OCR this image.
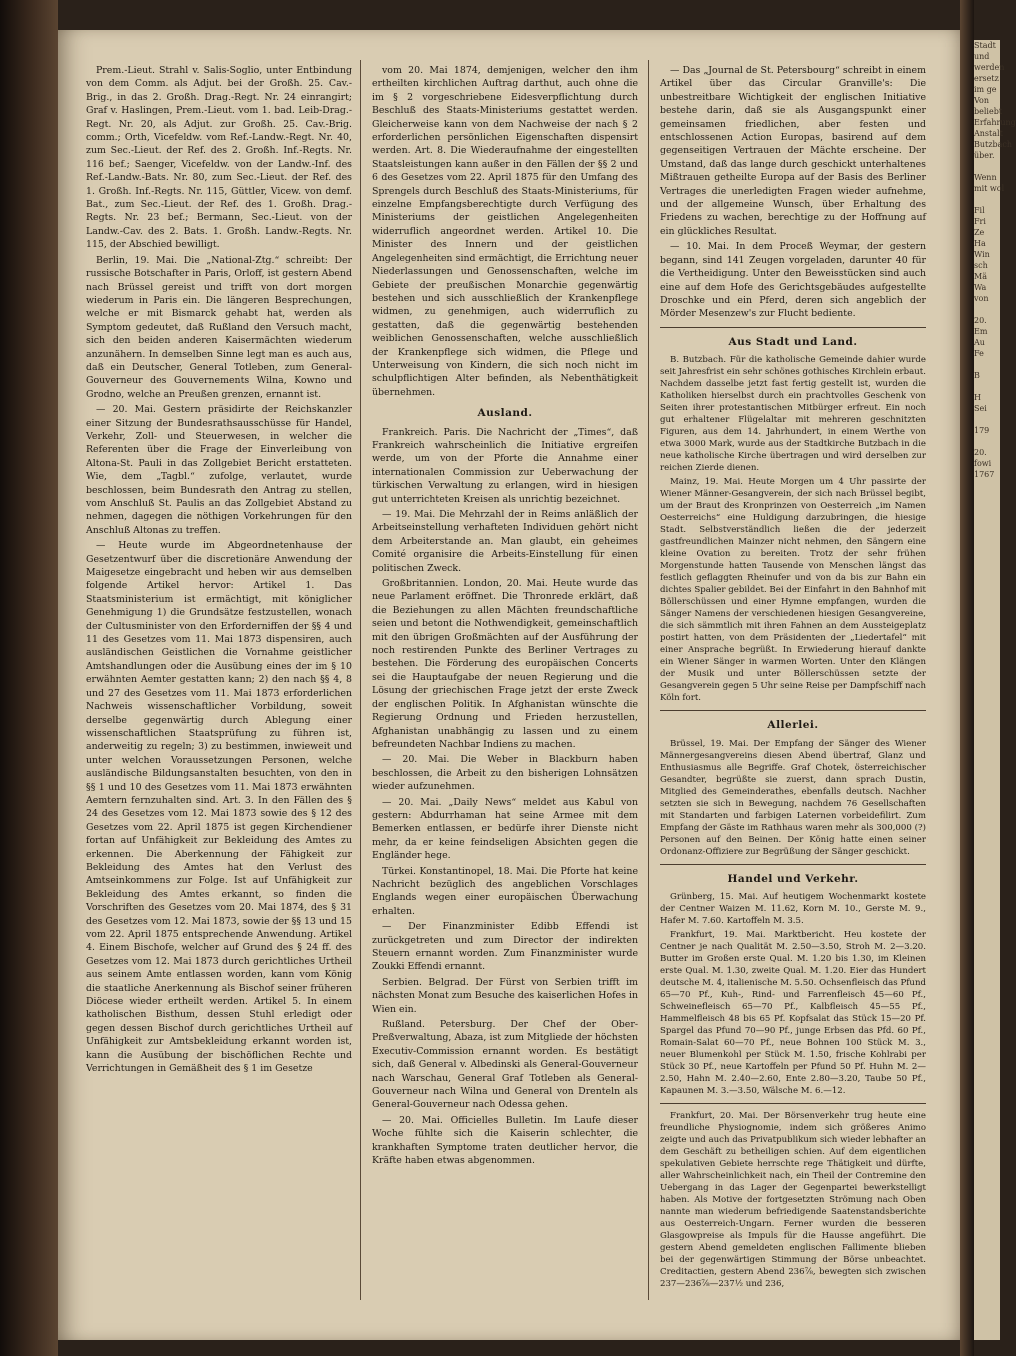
Prem.-Lieut. Strahl v. Salis-Soglio, unter Entbindung von dem Comm. als Adjut. bei der Großh. 25. Cav.-Brig., in das 2. Großh. Drag.-Regt. Nr. 24 einrangirt; Graf v. Haslingen, Prem.-Lieut. vom 1. bad. Leib-Drag.-Regt. Nr. 20, als Adjut. zur Großh. 25. Cav.-Brig. comm.; Orth, Vicefeldw. vom Ref.-Landw.-Regt. Nr. 40, zum Sec.-Lieut. der Ref. des 2. Großh. Inf.-Regts. Nr. 116 bef.; Saenger, Vicefeldw. von der Landw.-Inf. des Ref.-Landw.-Bats. Nr. 80, zum Sec.-Lieut. der Ref. des 1. Großh. Inf.-Regts. Nr. 115, Güttler, Vicew. von demf. Bat., zum Sec.-Lieut. der Ref. des 1. Großh. Drag.-Regts. Nr. 23 bef.; Bermann, Sec.-Lieut. von der Landw.-Cav. des 2. Bats. 1. Großh. Landw.-Regts. Nr. 115, der Abschied bewilligt.

Berlin, 19. Mai. Die „National-Ztg.“ schreibt: Der russische Botschafter in Paris, Orloff, ist gestern Abend nach Brüssel gereist und trifft von dort morgen wiederum in Paris ein. Die längeren Besprechungen, welche er mit Bismarck gehabt hat, werden als Symptom gedeutet, daß Rußland den Versuch macht, sich den beiden anderen Kaisermächten wiederum anzunähern. In demselben Sinne legt man es auch aus, daß ein Deutscher, General Totleben, zum General-Gouverneur des Gouvernements Wilna, Kowno und Grodno, welche an Preußen grenzen, ernannt ist.

— 20. Mai. Gestern präsidirte der Reichskanzler einer Sitzung der Bundesrathsausschüsse für Handel, Verkehr, Zoll- und Steuerwesen, in welcher die Referenten über die Frage der Einverleibung von Altona-St. Pauli in das Zollgebiet Bericht erstatteten. Wie, dem „Tagbl.“ zufolge, verlautet, wurde beschlossen, beim Bundesrath den Antrag zu stellen, vom Anschluß St. Paulis an das Zollgebiet Abstand zu nehmen, dagegen die nöthigen Vorkehrungen für den Anschluß Altonas zu treffen.

— Heute wurde im Abgeordnetenhause der Gesetzentwurf über die discretionäre Anwendung der Maigesetze eingebracht und heben wir aus demselben folgende Artikel hervor: Artikel 1. Das Staatsministerium ist ermächtigt, mit königlicher Genehmigung 1) die Grundsätze festzustellen, wonach der Cultusminister von den Erforderniffen der §§ 4 und 11 des Gesetzes vom 11. Mai 1873 dispensiren, auch ausländischen Geistlichen die Vornahme geistlicher Amtshandlungen oder die Ausübung eines der im § 10 erwähnten Aemter gestatten kann; 2) den nach §§ 4, 8 und 27 des Gesetzes vom 11. Mai 1873 erforderlichen Nachweis wissenschaftlicher Vorbildung, soweit derselbe gegenwärtig durch Ablegung einer wissenschaftlichen Staatsprüfung zu führen ist, anderweitig zu regeln; 3) zu bestimmen, inwieweit und unter welchen Voraussetzungen Personen, welche ausländische Bildungsanstalten besuchten, von den in §§ 1 und 10 des Gesetzes vom 11. Mai 1873 erwähnten Aemtern fernzuhalten sind. Art. 3. In den Fällen des § 24 des Gesetzes vom 12. Mai 1873 sowie des § 12 des Gesetzes vom 22. April 1875 ist gegen Kirchendiener fortan auf Unfähigkeit zur Bekleidung des Amtes zu erkennen. Die Aberkennung der Fähigkeit zur Bekleidung des Amtes hat den Verlust des Amtseinkommens zur Folge. Ist auf Unfähigkeit zur Bekleidung des Amtes erkannt, so finden die Vorschriften des Gesetzes vom 20. Mai 1874, des § 31 des Gesetzes vom 12. Mai 1873, sowie der §§ 13 und 15 vom 22. April 1875 entsprechende Anwendung. Artikel 4. Einem Bischofe, welcher auf Grund des § 24 ff. des Gesetzes vom 12. Mai 1873 durch gerichtliches Urtheil aus seinem Amte entlassen worden, kann vom König die staatliche Anerkennung als Bischof seiner früheren Diöcese wieder ertheilt werden. Artikel 5. In einem katholischen Bisthum, dessen Stuhl erledigt oder gegen dessen Bischof durch gerichtliches Urtheil auf Unfähigkeit zur Amtsbekleidung erkannt worden ist, kann die Ausübung der bischöflichen Rechte und Verrichtungen in Gemäßheit des § 1 im Gesetze

vom 20. Mai 1874, demjenigen, welcher den ihm ertheilten kirchlichen Auftrag darthut, auch ohne die im § 2 vorgeschriebene Eidesverpflichtung durch Beschluß des Staats-Ministeriums gestattet werden. Gleicherweise kann von dem Nachweise der nach § 2 erforderlichen persönlichen Eigenschaften dispensirt werden. Art. 8. Die Wiederaufnahme der eingestellten Staatsleistungen kann außer in den Fällen der §§ 2 und 6 des Gesetzes vom 22. April 1875 für den Umfang des Sprengels durch Beschluß des Staats-Ministeriums, für einzelne Empfangsberechtigte durch Verfügung des Ministeriums der geistlichen Angelegenheiten widerruflich angeordnet werden. Artikel 10. Die Minister des Innern und der geistlichen Angelegenheiten sind ermächtigt, die Errichtung neuer Niederlassungen und Genossenschaften, welche im Gebiete der preußischen Monarchie gegenwärtig bestehen und sich ausschließlich der Krankenpflege widmen, zu genehmigen, auch widerruflich zu gestatten, daß die gegenwärtig bestehenden weiblichen Genossenschaften, welche ausschließlich der Krankenpflege sich widmen, die Pflege und Unterweisung von Kindern, die sich noch nicht im schulpflichtigen Alter befinden, als Nebenthätigkeit übernehmen.

Ausland.

Frankreich. Paris. Die Nachricht der „Times“, daß Frankreich wahrscheinlich die Initiative ergreifen werde, um von der Pforte die Annahme einer internationalen Commission zur Ueberwachung der türkischen Verwaltung zu erlangen, wird in hiesigen gut unterrichteten Kreisen als unrichtig bezeichnet.

— 19. Mai. Die Mehrzahl der in Reims anläßlich der Arbeitseinstellung verhafteten Individuen gehört nicht dem Arbeiterstande an. Man glaubt, ein geheimes Comité organisire die Arbeits-Einstellung für einen politischen Zweck.

Großbritannien. London, 20. Mai. Heute wurde das neue Parlament eröffnet. Die Thronrede erklärt, daß die Beziehungen zu allen Mächten freundschaftliche seien und betont die Nothwendigkeit, gemeinschaftlich mit den übrigen Großmächten auf der Ausführung der noch restirenden Punkte des Berliner Vertrages zu bestehen. Die Förderung des europäischen Concerts sei die Hauptaufgabe der neuen Regierung und die Lösung der griechischen Frage jetzt der erste Zweck der englischen Politik. In Afghanistan wünschte die Regierung Ordnung und Frieden herzustellen, Afghanistan unabhängig zu lassen und zu einem befreundeten Nachbar Indiens zu machen.

— 20. Mai. Die Weber in Blackburn haben beschlossen, die Arbeit zu den bisherigen Lohnsätzen wieder aufzunehmen.

— 20. Mai. „Daily News“ meldet aus Kabul von gestern: Abdurrhaman hat seine Armee mit dem Bemerken entlassen, er bedürfe ihrer Dienste nicht mehr, da er keine feindseligen Absichten gegen die Engländer hege.

Türkei. Konstantinopel, 18. Mai. Die Pforte hat keine Nachricht bezüglich des angeblichen Vorschlages Englands wegen einer europäischen Überwachung erhalten.

— Der Finanzminister Edibb Effendi ist zurückgetreten und zum Director der indirekten Steuern ernannt worden. Zum Finanzminister wurde Zoukki Effendi ernannt.

Serbien. Belgrad. Der Fürst von Serbien trifft im nächsten Monat zum Besuche des kaiserlichen Hofes in Wien ein.

Rußland. Petersburg. Der Chef der Ober-Preßverwaltung, Abaza, ist zum Mitgliede der höchsten Executiv-Commission ernannt worden. Es bestätigt sich, daß General v. Albedinski als General-Gouverneur nach Warschau, General Graf Totleben als General-Gouverneur nach Wilna und General von Drenteln als General-Gouverneur nach Odessa gehen.

— 20. Mai. Officielles Bulletin. Im Laufe dieser Woche fühlte sich die Kaiserin schlechter, die krankhaften Symptome traten deutlicher hervor, die Kräfte haben etwas abgenommen.

— Das „Journal de St. Petersbourg“ schreibt in einem Artikel über das Circular Granville's: Die unbestreitbare Wichtigkeit der englischen Initiative bestehe darin, daß sie als Ausgangspunkt einer gemeinsamen friedlichen, aber festen und entschlossenen Action Europas, basirend auf dem gegenseitigen Vertrauen der Mächte erscheine. Der Umstand, daß das lange durch geschickt unterhaltenes Mißtrauen getheilte Europa auf der Basis des Berliner Vertrages die unerledigten Fragen wieder aufnehme, und der allgemeine Wunsch, über Erhaltung des Friedens zu wachen, berechtige zu der Hoffnung auf ein glückliches Resultat.

— 10. Mai. In dem Proceß Weymar, der gestern begann, sind 141 Zeugen vorgeladen, darunter 40 für die Vertheidigung. Unter den Beweisstücken sind auch eine auf dem Hofe des Gerichtsgebäudes aufgestellte Droschke und ein Pferd, deren sich angeblich der Mörder Mesenzew's zur Flucht bediente.

Aus Stadt und Land.

B. Butzbach. Für die katholische Gemeinde dahier wurde seit Jahresfrist ein sehr schönes gothisches Kirchlein erbaut. Nachdem dasselbe jetzt fast fertig gestellt ist, wurden die Katholiken hierselbst durch ein prachtvolles Geschenk von Seiten ihrer protestantischen Mitbürger erfreut. Ein noch gut erhaltener Flügelaltar mit mehreren geschnitzten Figuren, aus dem 14. Jahrhundert, in einem Werthe von etwa 3000 Mark, wurde aus der Stadtkirche Butzbach in die neue katholische Kirche übertragen und wird derselben zur reichen Zierde dienen.

Mainz, 19. Mai. Heute Morgen um 4 Uhr passirte der Wiener Männer-Gesangverein, der sich nach Brüssel begibt, um der Braut des Kronprinzen von Oesterreich „im Namen Oesterreichs“ eine Huldigung darzubringen, die hiesige Stadt. Selbstverständlich ließen die der jederzeit gastfreundlichen Mainzer nicht nehmen, den Sängern eine kleine Ovation zu bereiten. Trotz der sehr frühen Morgenstunde hatten Tausende von Menschen längst das festlich geflaggten Rheinufer und von da bis zur Bahn ein dichtes Spalier gebildet. Bei der Einfahrt in den Bahnhof mit Böllerschüssen und einer Hymne empfangen, wurden die Sänger Namens der verschiedenen hiesigen Gesangvereine, die sich sämmtlich mit ihren Fahnen an dem Aussteigeplatz postirt hatten, von dem Präsidenten der „Liedertafel“ mit einer Ansprache begrüßt. In Erwiederung hierauf dankte ein Wiener Sänger in warmen Worten. Unter den Klängen der Musik und unter Böllerschüssen setzte der Gesangverein gegen 5 Uhr seine Reise per Dampfschiff nach Köln fort.

Allerlei.

Brüssel, 19. Mai. Der Empfang der Sänger des Wiener Männergesangvereins diesen Abend übertraf, Glanz und Enthusiasmus alle Begriffe. Graf Chotek, österreichischer Gesandter, begrüßte sie zuerst, dann sprach Dustin, Mitglied des Gemeinderathes, ebenfalls deutsch. Nachher setzten sie sich in Bewegung, nachdem 76 Gesellschaften mit Standarten und farbigen Laternen vorbeidefilirt. Zum Empfang der Gäste im Rathhaus waren mehr als 300,000 (?) Personen auf den Beinen. Der König hatte einen seiner Ordonanz-Offiziere zur Begrüßung der Sänger geschickt.

Handel und Verkehr.

Grünberg, 15. Mai. Auf heutigem Wochenmarkt kostete der Centner Waizen M. 11.62, Korn M. 10., Gerste M. 9., Hafer M. 7.60. Kartoffeln M. 3.5.

Frankfurt, 19. Mai. Marktbericht. Heu kostete der Centner je nach Qualität M. 2.50—3.50, Stroh M. 2—3.20. Butter im Großen erste Qual. M. 1.20 bis 1.30, im Kleinen erste Qual. M. 1.30, zweite Qual. M. 1.20. Eier das Hundert deutsche M. 4, italienische M. 5.50. Ochsenfleisch das Pfund 65—70 Pf., Kuh-, Rind- und Farrenfleisch 45—60 Pf., Schweinefleisch 65—70 Pf., Kalbfleisch 45—55 Pf., Hammelfleisch 48 bis 65 Pf. Kopfsalat das Stück 15—20 Pf. Spargel das Pfund 70—90 Pf., junge Erbsen das Pfd. 60 Pf., Romain-Salat 60—70 Pf., neue Bohnen 100 Stück M. 3., neuer Blumenkohl per Stück M. 1.50, frische Kohlrabi per Stück 30 Pf., neue Kartoffeln per Pfund 50 Pf. Huhn M. 2—2.50, Hahn M. 2.40—2.60, Ente 2.80—3.20, Taube 50 Pf., Kapaunen M. 3.—3.50, Wälsche M. 6.—12.

Frankfurt, 20. Mai. Der Börsenverkehr trug heute eine freundliche Physiognomie, indem sich größeres Animo zeigte und auch das Privatpublikum sich wieder lebhafter an dem Geschäft zu betheiligen schien. Auf dem eigentlichen spekulativen Gebiete herrschte rege Thätigkeit und dürfte, aller Wahrscheinlichkeit nach, ein Theil der Contremine den Uebergang in das Lager der Gegenpartei bewerkstelligt haben. Als Motive der fortgesetzten Strömung nach Oben nannte man wiederum befriedigende Saatenstandsberichte aus Oesterreich-Ungarn. Ferner wurden die besseren Glasgowpreise als Impuls für die Hausse angeführt. Die gestern Abend gemeldeten englischen Fallimente blieben bei der gegenwärtigen Stimmung der Börse unbeachtet. Creditactien, gestern Abend 236⅞, bewegten sich zwischen 237—236⅞—237½ und 236,

Stadt
und
werden
ersetz
im ge
Von
beliebt
Erfahrung
Anstalt
Butzbach
über.

Wenn
mit wol

Fil
Fri
Ze
Ha
Win
sch
Mä
Wa
von

20.
Em
Au
Fe

B

H
Sei

179

20.
fowi
1767
